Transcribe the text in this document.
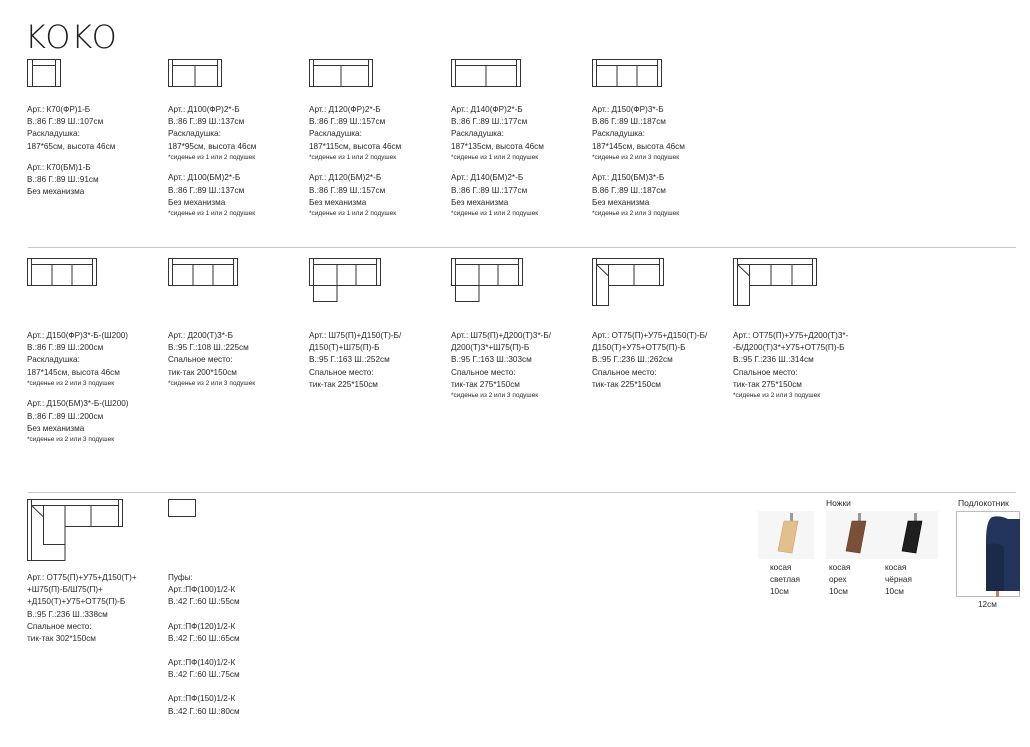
KOKO
Арт.: К70(ФР)1-Б
В.:86 Г.:89 Ш.:107см
Раскладушка:
187*65см, высота 46см
Арт.: К70(БМ)1-Б
В.:86 Г.:89 Ш.:91см
Без механизма
Арт.: Д100(ФР)2*-Б
В.:86 Г.:89 Ш.:137см
Раскладушка:
187*95см, высота 46см
*сиденье из 1 или 2 подушек
Арт.: Д100(БМ)2*-Б
В.:86 Г.:89 Ш.:137см
Без механизма
*сиденье из 1 или 2 подушек
Арт.: Д120(ФР)2*-Б
В.:86 Г.:89 Ш.:157см
Раскладушка:
187*115см, высота 46см
*сиденье из 1 или 2 подушек
Арт.: Д120(БМ)2*-Б
В.:86 Г.:89 Ш.:157см
Без механизма
*сиденье из 1 или 2 подушек
Арт.: Д140(ФР)2*-Б
В.:86 Г.:89 Ш.:177см
Раскладушка:
187*135см, высота 46см
*сиденье из 1 или 2 подушек
Арт.: Д140(БМ)2*-Б
В.:86 Г.:89 Ш.:177см
Без механизма
*сиденье из 1 или 2 подушек
Арт.: Д150(ФР)3*-Б
В.86 Г.:89 Ш.:187см
Раскладушка:
187*145см, высота 46см
*сиденье из 2 или 3 подушек
Арт.: Д150(БМ)3*-Б
В.86 Г.:89 Ш.:187см
Без механизма
*сиденье из 2 или 3 подушек
Арт.: Д150(ФР)3*-Б-(Ш200)
В.:86 Г.:89 Ш.:200см
Раскладушка:
187*145см, высота 46см
*сиденье из 2 или 3 подушек
Арт.: Д150(БМ)3*-Б-(Ш200)
В.:86 Г.:89 Ш.:200см
Без механизма
*сиденье из 2 или 3 подушек
Арт.: Д200(Т)3*-Б
В.:95 Г.:108 Ш.:225см
Спальное место:
тик-так 200*150см
*сиденье из 2 или 3 подушек
Арт.: Ш75(П)+Д150(Т)-Б/
Д150(Т)+Ш75(П)-Б
В.:95 Г.:163 Ш.:252см
Спальное место:
тик-так 225*150см
Арт.: Ш75(П)+Д200(Т)3*-Б/
Д200(Т)3*+Ш75(П)-Б
В.:95 Г.:163 Ш.:303см
Спальное место:
тик-так 275*150см
*сиденье из 2 или 3 подушек
Арт.: ОТ75(П)+У75+Д150(Т)-Б/
Д150(Т)+У75+ОТ75(П)-Б
В.:95 Г.:236 Ш.:262см
Спальное место:
тик-так 225*150см
Арт.: ОТ75(П)+У75+Д200(Т)3*-
-Б/Д200(Т)3*+У75+ОТ75(П)-Б
В.:95 Г.:236 Ш.:314см
Спальное место:
тик-так 275*150см
*сиденье из 2 или 3 подушек
Арт.: ОТ75(П)+У75+Д150(Т)+
+Ш75(П)-Б/Ш75(П)+
+Д150(Т)+У75+ОТ75(П)-Б
В.:95 Г.:236 Ш.:338см
Спальное место:
тик-так 302*150см
Пуфы:
Арт.:ПФ(100)1/2-К
В.:42 Г.:60 Ш.:55см
Арт.:ПФ(120)1/2-К
В.:42 Г.:60 Ш.:65см
Арт.:ПФ(140)1/2-К
В.:42 Г.:60 Ш.:75см
Арт.:ПФ(150)1/2-К
В.:42 Г.:60 Ш.:80см
Ножки
косая
светлая
10см
косая
орех
10см
косая
чёрная
10см
Подлокотник
12см
